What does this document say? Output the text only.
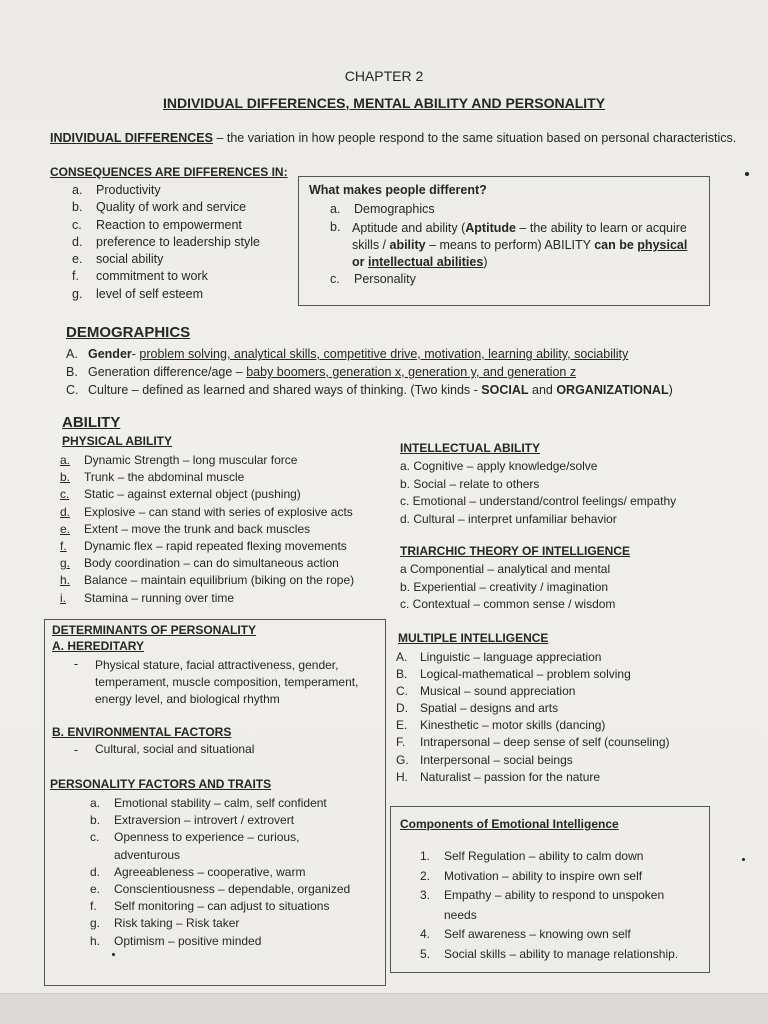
CHAPTER 2
INDIVIDUAL DIFFERENCES, MENTAL ABILITY AND PERSONALITY
INDIVIDUAL DIFFERENCES – the variation in how people respond to the same situation based on personal characteristics.
CONSEQUENCES ARE DIFFERENCES IN:
a. Productivity
b. Quality of work and service
c. Reaction to empowerment
d. preference to leadership style
e. social ability
f. commitment to work
g. level of self esteem
What makes people different?
a. Demographics
b. Aptitude and ability (Aptitude – the ability to learn or acquire skills / ability – means to perform) ABILITY can be physical or intellectual abilities)
c. Personality
DEMOGRAPHICS
A. Gender- problem solving, analytical skills, competitive drive, motivation, learning ability, sociability
B. Generation difference/age – baby boomers, generation x, generation y, and generation z
C. Culture – defined as learned and shared ways of thinking. (Two kinds - SOCIAL and ORGANIZATIONAL)
ABILITY
PHYSICAL ABILITY
a. Dynamic Strength – long muscular force
b. Trunk – the abdominal muscle
c. Static – against external object (pushing)
d. Explosive – can stand with series of explosive acts
e. Extent – move the trunk and back muscles
f. Dynamic flex – rapid repeated flexing movements
g. Body coordination – can do simultaneous action
h. Balance – maintain equilibrium (biking on the rope)
i. Stamina – running over time
INTELLECTUAL ABILITY
a. Cognitive – apply knowledge/solve
b. Social – relate to others
c. Emotional – understand/control feelings/ empathy
d. Cultural – interpret unfamiliar behavior
TRIARCHIC THEORY OF INTELLIGENCE
a Componential – analytical and mental
b. Experiential – creativity / imagination
c. Contextual – common sense / wisdom
DETERMINANTS OF PERSONALITY
A. HEREDITARY
- Physical stature, facial attractiveness, gender, temperament, muscle composition, temperament, energy level, and biological rhythm
B. ENVIRONMENTAL FACTORS
- Cultural, social and situational
PERSONALITY FACTORS AND TRAITS
a. Emotional stability – calm, self confident
b. Extraversion – introvert / extrovert
c. Openness to experience – curious,
adventurous
d. Agreeableness – cooperative, warm
e. Conscientiousness – dependable, organized
f. Self monitoring – can adjust to situations
g. Risk taking – Risk taker
h. Optimism – positive minded
MULTIPLE INTELLIGENCE
A. Linguistic – language appreciation
B. Logical-mathematical – problem solving
C. Musical – sound appreciation
D. Spatial – designs and arts
E. Kinesthetic – motor skills (dancing)
F. Intrapersonal – deep sense of self (counseling)
G. Interpersonal – social beings
H. Naturalist – passion for the nature
Components of Emotional Intelligence
1. Self Regulation – ability to calm down
2. Motivation – ability to inspire own self
3. Empathy – ability to respond to unspoken
needs
4. Self awareness – knowing own self
5. Social skills – ability to manage relationship.
